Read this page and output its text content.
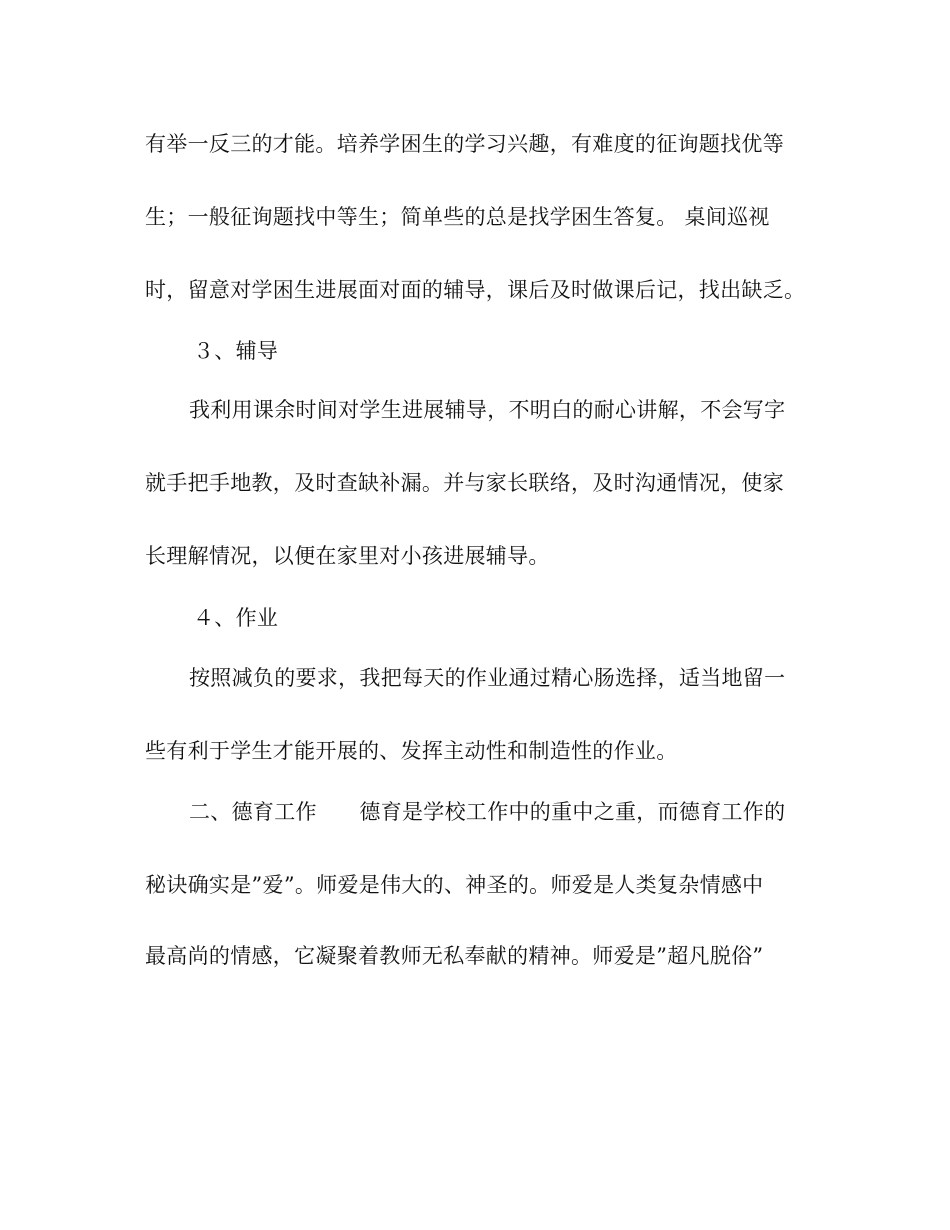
有举一反三的才能。培养学困生的学习兴趣，有难度的征询题找优等
生；一般征询题找中等生；简单些的总是找学困生答复。 桌间巡视
时，留意对学困生进展面对面的辅导，课后及时做课后记，找出缺乏。
３、辅导
我利用课余时间对学生进展辅导，不明白的耐心讲解，不会写字
就手把手地教，及时查缺补漏。并与家长联络，及时沟通情况，使家
长理解情况，以便在家里对小孩进展辅导。
４、作业
按照减负的要求，我把每天的作业通过精心肠选择，适当地留一
些有利于学生才能开展的、发挥主动性和制造性的作业。
二、德育工作　　德育是学校工作中的重中之重，而德育工作的
秘诀确实是”爱”。师爱是伟大的、神圣的。师爱是人类复杂情感中
最高尚的情感，它凝聚着教师无私奉献的精神。师爱是”超凡脱俗”
